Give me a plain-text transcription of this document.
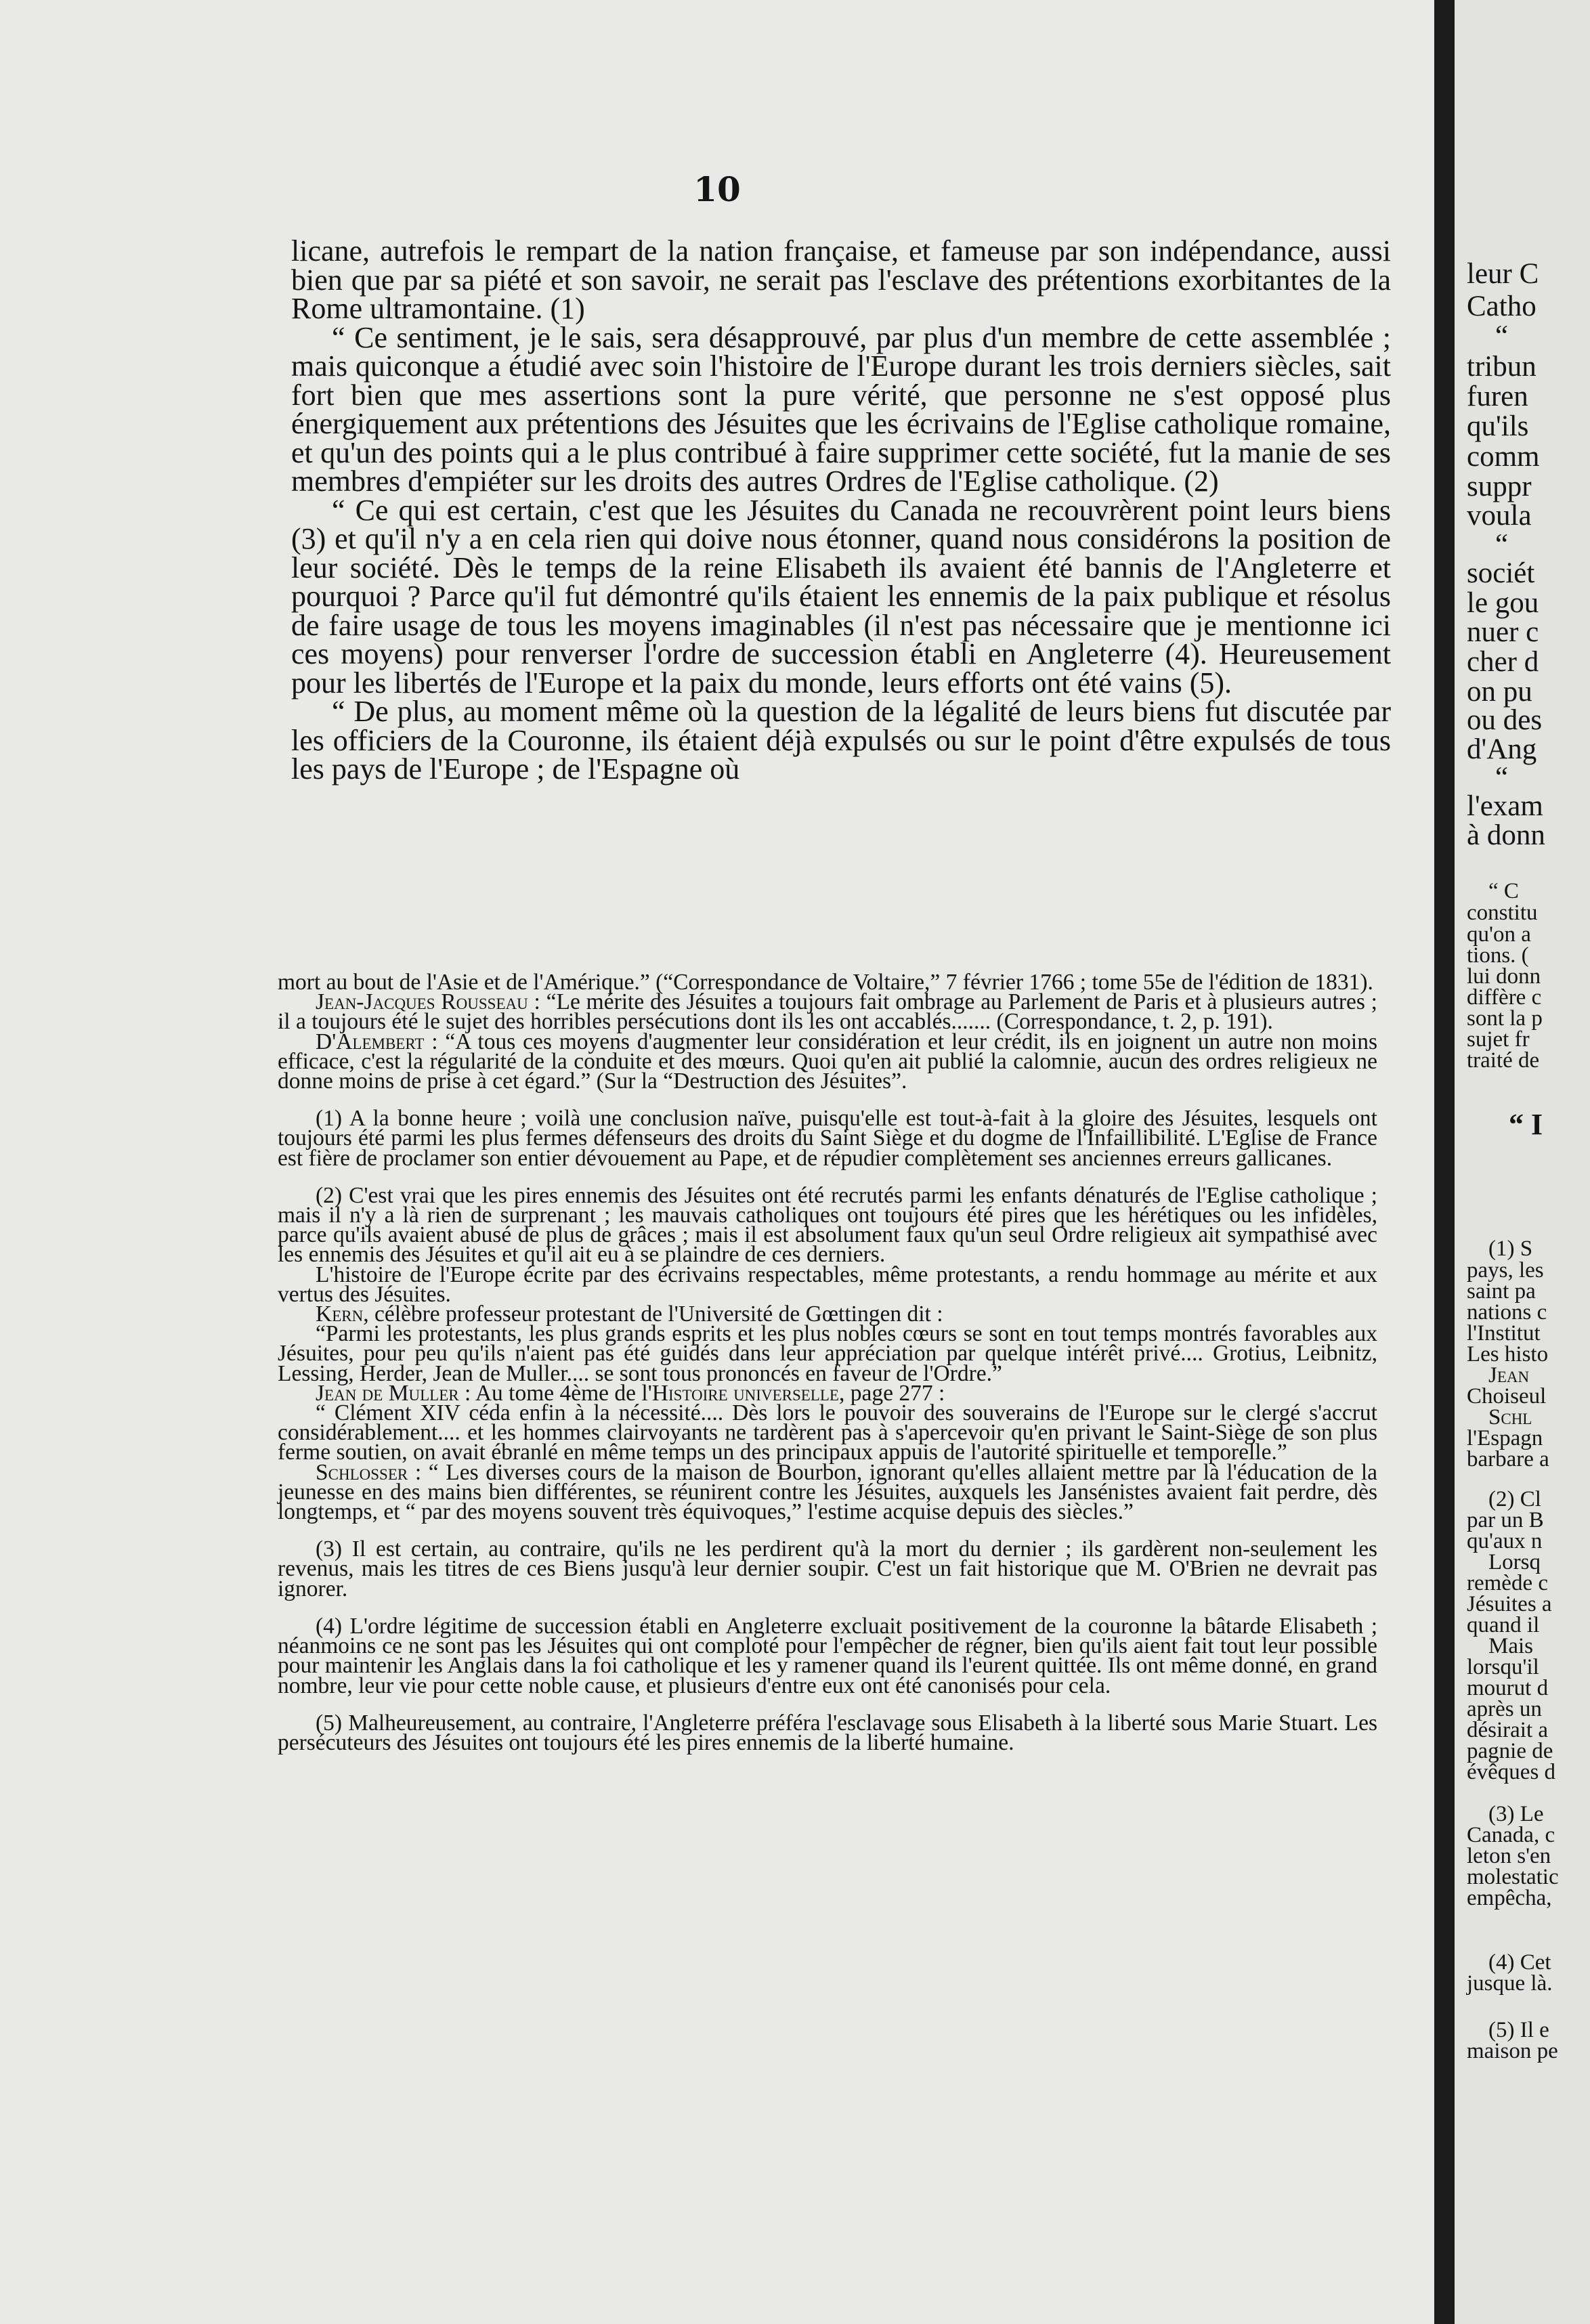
10

licane, autrefois le rempart de la nation française, et fameuse par son indépendance, aussi bien que par sa piété et son savoir, ne serait pas l'esclave des prétentions exorbitantes de la Rome ultramontaine. (1)

“ Ce sentiment, je le sais, sera désapprouvé, par plus d'un membre de cette assemblée ; mais quiconque a étudié avec soin l'histoire de l'Europe durant les trois derniers siècles, sait fort bien que mes assertions sont la pure vérité, que personne ne s'est opposé plus énergiquement aux prétentions des Jésuites que les écrivains de l'Eglise catholique romaine, et qu'un des points qui a le plus contribué à faire supprimer cette société, fut la manie de ses membres d'empiéter sur les droits des autres Ordres de l'Eglise catholique. (2)

“ Ce qui est certain, c'est que les Jésuites du Canada ne recouvrèrent point leurs biens (3) et qu'il n'y a en cela rien qui doive nous étonner, quand nous considérons la position de leur société. Dès le temps de la reine Elisabeth ils avaient été bannis de l'Angleterre et pourquoi ? Parce qu'il fut démontré qu'ils étaient les ennemis de la paix publique et résolus de faire usage de tous les moyens imaginables (il n'est pas nécessaire que je mentionne ici ces moyens) pour renverser l'ordre de succession établi en Angleterre (4). Heureusement pour les libertés de l'Europe et la paix du monde, leurs efforts ont été vains (5).

“ De plus, au moment même où la question de la légalité de leurs biens fut discutée par les officiers de la Couronne, ils étaient déjà expulsés ou sur le point d'être expulsés de tous les pays de l'Europe ; de l'Espagne où

mort au bout de l'Asie et de l'Amérique.” (“Correspondance de Voltaire,” 7 février 1766 ; tome 55e de l'édition de 1831).

Jean-Jacques Rousseau : “Le mérite des Jésuites a toujours fait ombrage au Parlement de Paris et à plusieurs autres ; il a toujours été le sujet des horribles persécutions dont ils les ont accablés....... (Correspondance, t. 2, p. 191).

D'Alembert : “A tous ces moyens d'augmenter leur considération et leur crédit, ils en joignent un autre non moins efficace, c'est la régularité de la conduite et des mœurs. Quoi qu'en ait publié la calomnie, aucun des ordres religieux ne donne moins de prise à cet égard.” (Sur la “Destruction des Jésuites”.

(1) A la bonne heure ; voilà une conclusion naïve, puisqu'elle est tout-à-fait à la gloire des Jésuites, lesquels ont toujours été parmi les plus fermes défenseurs des droits du Saint Siège et du dogme de l'Infaillibilité. L'Eglise de France est fière de proclamer son entier dévouement au Pape, et de répudier complètement ses anciennes erreurs gallicanes.

(2) C'est vrai que les pires ennemis des Jésuites ont été recrutés parmi les enfants dénaturés de l'Eglise catholique ; mais il n'y a là rien de surprenant ; les mauvais catholiques ont toujours été pires que les hérétiques ou les infidèles, parce qu'ils avaient abusé de plus de grâces ; mais il est absolument faux qu'un seul Ordre religieux ait sympathisé avec les ennemis des Jésuites et qu'il ait eu à se plaindre de ces derniers.

L'histoire de l'Europe écrite par des écrivains respectables, même protestants, a rendu hommage au mérite et aux vertus des Jésuites.

Kern, célèbre professeur protestant de l'Université de Gœttingen dit :

“Parmi les protestants, les plus grands esprits et les plus nobles cœurs se sont en tout temps montrés favorables aux Jésuites, pour peu qu'ils n'aient pas été guidés dans leur appréciation par quelque intérêt privé.... Grotius, Leibnitz, Lessing, Herder, Jean de Muller.... se sont tous prononcés en faveur de l'Ordre.”

Jean de Muller : Au tome 4ème de l'Histoire universelle, page 277 :

“ Clément XIV céda enfin à la nécessité.... Dès lors le pouvoir des souverains de l'Europe sur le clergé s'accrut considérablement.... et les hommes clairvoyants ne tardèrent pas à s'apercevoir qu'en privant le Saint-Siège de son plus ferme soutien, on avait ébranlé en même temps un des principaux appuis de l'autorité spirituelle et temporelle.”

Schlosser : “ Les diverses cours de la maison de Bourbon, ignorant qu'elles allaient mettre par là l'éducation de la jeunesse en des mains bien différentes, se réunirent contre les Jésuites, auxquels les Jansénistes avaient fait perdre, dès longtemps, et “ par des moyens souvent très équivoques,” l'estime acquise depuis des siècles.”

(3) Il est certain, au contraire, qu'ils ne les perdirent qu'à la mort du dernier ; ils gardèrent non-seulement les revenus, mais les titres de ces Biens jusqu'à leur dernier soupir. C'est un fait historique que M. O'Brien ne devrait pas ignorer.

(4) L'ordre légitime de succession établi en Angleterre excluait positivement de la couronne la bâtarde Elisabeth ; néanmoins ce ne sont pas les Jésuites qui ont comploté pour l'empêcher de régner, bien qu'ils aient fait tout leur possible pour maintenir les Anglais dans la foi catholique et les y ramener quand ils l'eurent quittée. Ils ont même donné, en grand nombre, leur vie pour cette noble cause, et plusieurs d'entre eux ont été canonisés pour cela.

(5) Malheureusement, au contraire, l'Angleterre préféra l'esclavage sous Elisabeth à la liberté sous Marie Stuart. Les persécuteurs des Jésuites ont toujours été les pires ennemis de la liberté humaine.

leur C
Catho
“
tribun
furen
qu'ils
comm
suppr
voula
“
sociét
le gou
nuer c
cher d
on pu
ou des
d'Ang
“
l'exam
à donn
“ C
constitu
qu'on a
tions. (
lui donn
diffère c
sont la p
sujet fr
traité de
“ I
(1) S
pays, les
saint pa
nations c
l'Institut
Les histo
Jean
Choiseul
Schl
l'Espagn
barbare a
(2) Cl
par un B
qu'aux n
Lorsq
remède c
Jésuites a
quand il
Mais
lorsqu'il
mourut d
après un
désirait a
pagnie de
évêques d
(3) Le
Canada, c
leton s'en
molestatic
empêcha,
(4) Cet
jusque là.
(5) Il e
maison pe
